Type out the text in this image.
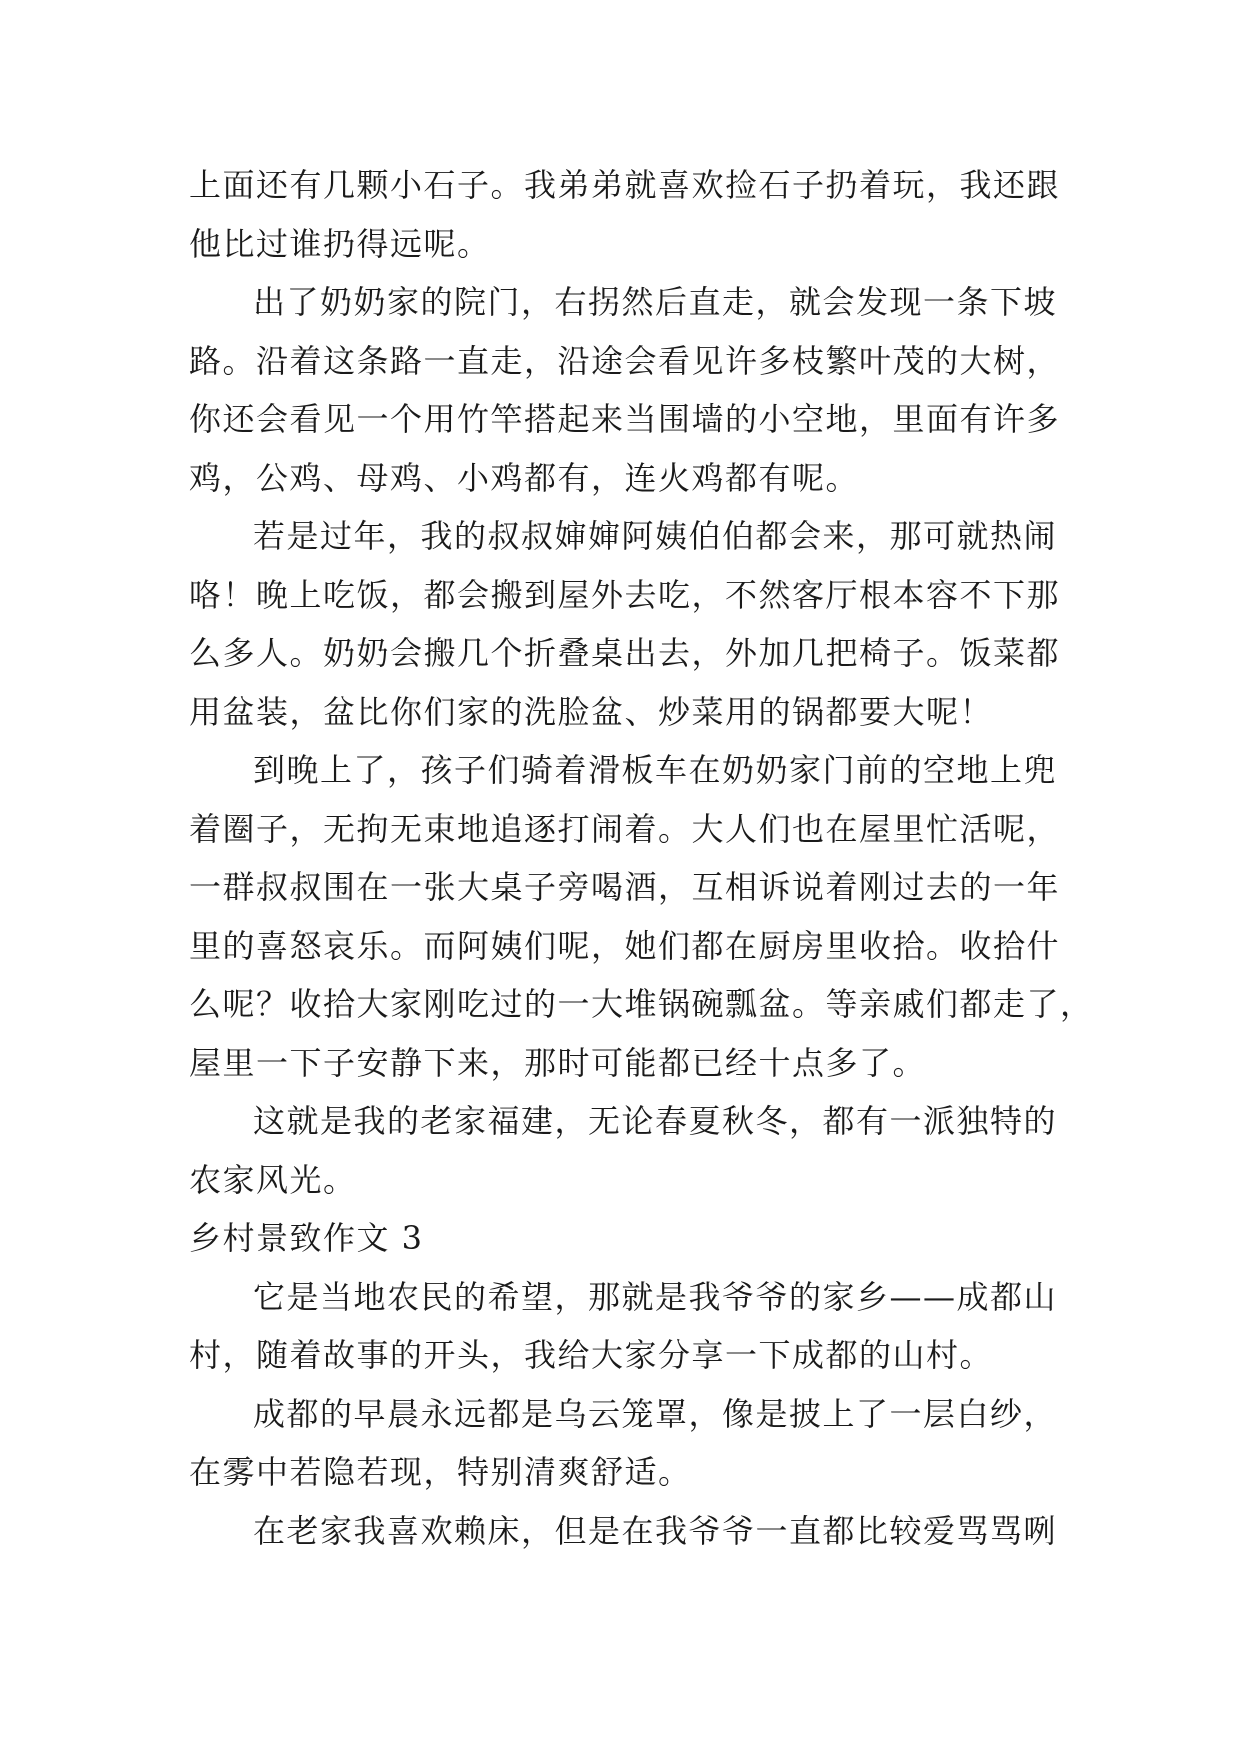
上面还有几颗小石子。我弟弟就喜欢捡石子扔着玩，我还跟
他比过谁扔得远呢。
出了奶奶家的院门，右拐然后直走，就会发现一条下坡
路。沿着这条路一直走，沿途会看见许多枝繁叶茂的大树，
你还会看见一个用竹竿搭起来当围墙的小空地，里面有许多
鸡，公鸡、母鸡、小鸡都有，连火鸡都有呢。
若是过年，我的叔叔婶婶阿姨伯伯都会来，那可就热闹
咯！晚上吃饭，都会搬到屋外去吃，不然客厅根本容不下那
么多人。奶奶会搬几个折叠桌出去，外加几把椅子。饭菜都
用盆装，盆比你们家的洗脸盆、炒菜用的锅都要大呢！
到晚上了，孩子们骑着滑板车在奶奶家门前的空地上兜
着圈子，无拘无束地追逐打闹着。大人们也在屋里忙活呢，
一群叔叔围在一张大桌子旁喝酒，互相诉说着刚过去的一年
里的喜怒哀乐。而阿姨们呢，她们都在厨房里收拾。收拾什
么呢？收拾大家刚吃过的一大堆锅碗瓢盆。等亲戚们都走了，
屋里一下子安静下来，那时可能都已经十点多了。
这就是我的老家福建，无论春夏秋冬，都有一派独特的
农家风光。
乡村景致作文 3
它是当地农民的希望，那就是我爷爷的家乡——成都山
村，随着故事的开头，我给大家分享一下成都的山村。
成都的早晨永远都是乌云笼罩，像是披上了一层白纱，
在雾中若隐若现，特别清爽舒适。
在老家我喜欢赖床，但是在我爷爷一直都比较爱骂骂咧
